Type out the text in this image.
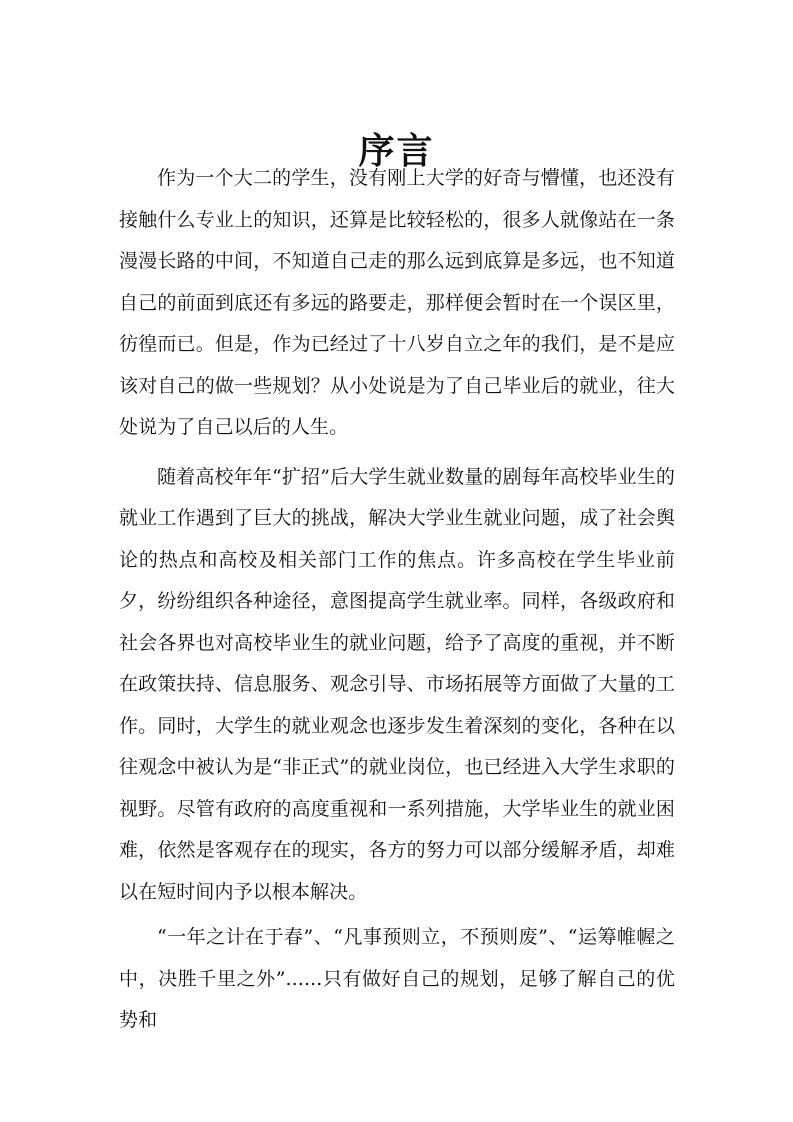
序言

作为一个大二的学生，没有刚上大学的好奇与懵懂，也还没有接触什么专业上的知识，还算是比较轻松的，很多人就像站在一条漫漫长路的中间，不知道自己走的那么远到底算是多远，也不知道自己的前面到底还有多远的路要走，那样便会暂时在一个误区里，彷徨而已。但是，作为已经过了十八岁自立之年的我们，是不是应该对自己的做一些规划？从小处说是为了自己毕业后的就业，往大处说为了自己以后的人生。

随着高校年年“扩招”后大学生就业数量的剧每年高校毕业生的就业工作遇到了巨大的挑战，解决大学业生就业问题，成了社会舆论的热点和高校及相关部门工作的焦点。许多高校在学生毕业前夕，纷纷组织各种途径，意图提高学生就业率。同样，各级政府和社会各界也对高校毕业生的就业问题，给予了高度的重视，并不断在政策扶持、信息服务、观念引导、市场拓展等方面做了大量的工作。同时，大学生的就业观念也逐步发生着深刻的变化，各种在以往观念中被认为是“非正式”的就业岗位，也已经进入大学生求职的视野。尽管有政府的高度重视和一系列措施，大学毕业生的就业困难，依然是客观存在的现实，各方的努力可以部分缓解矛盾，却难以在短时间内予以根本解决。

“一年之计在于春”、“凡事预则立，不预则废”、“运筹帷幄之中，决胜千里之外”......只有做好自己的规划，足够了解自己的优势和
